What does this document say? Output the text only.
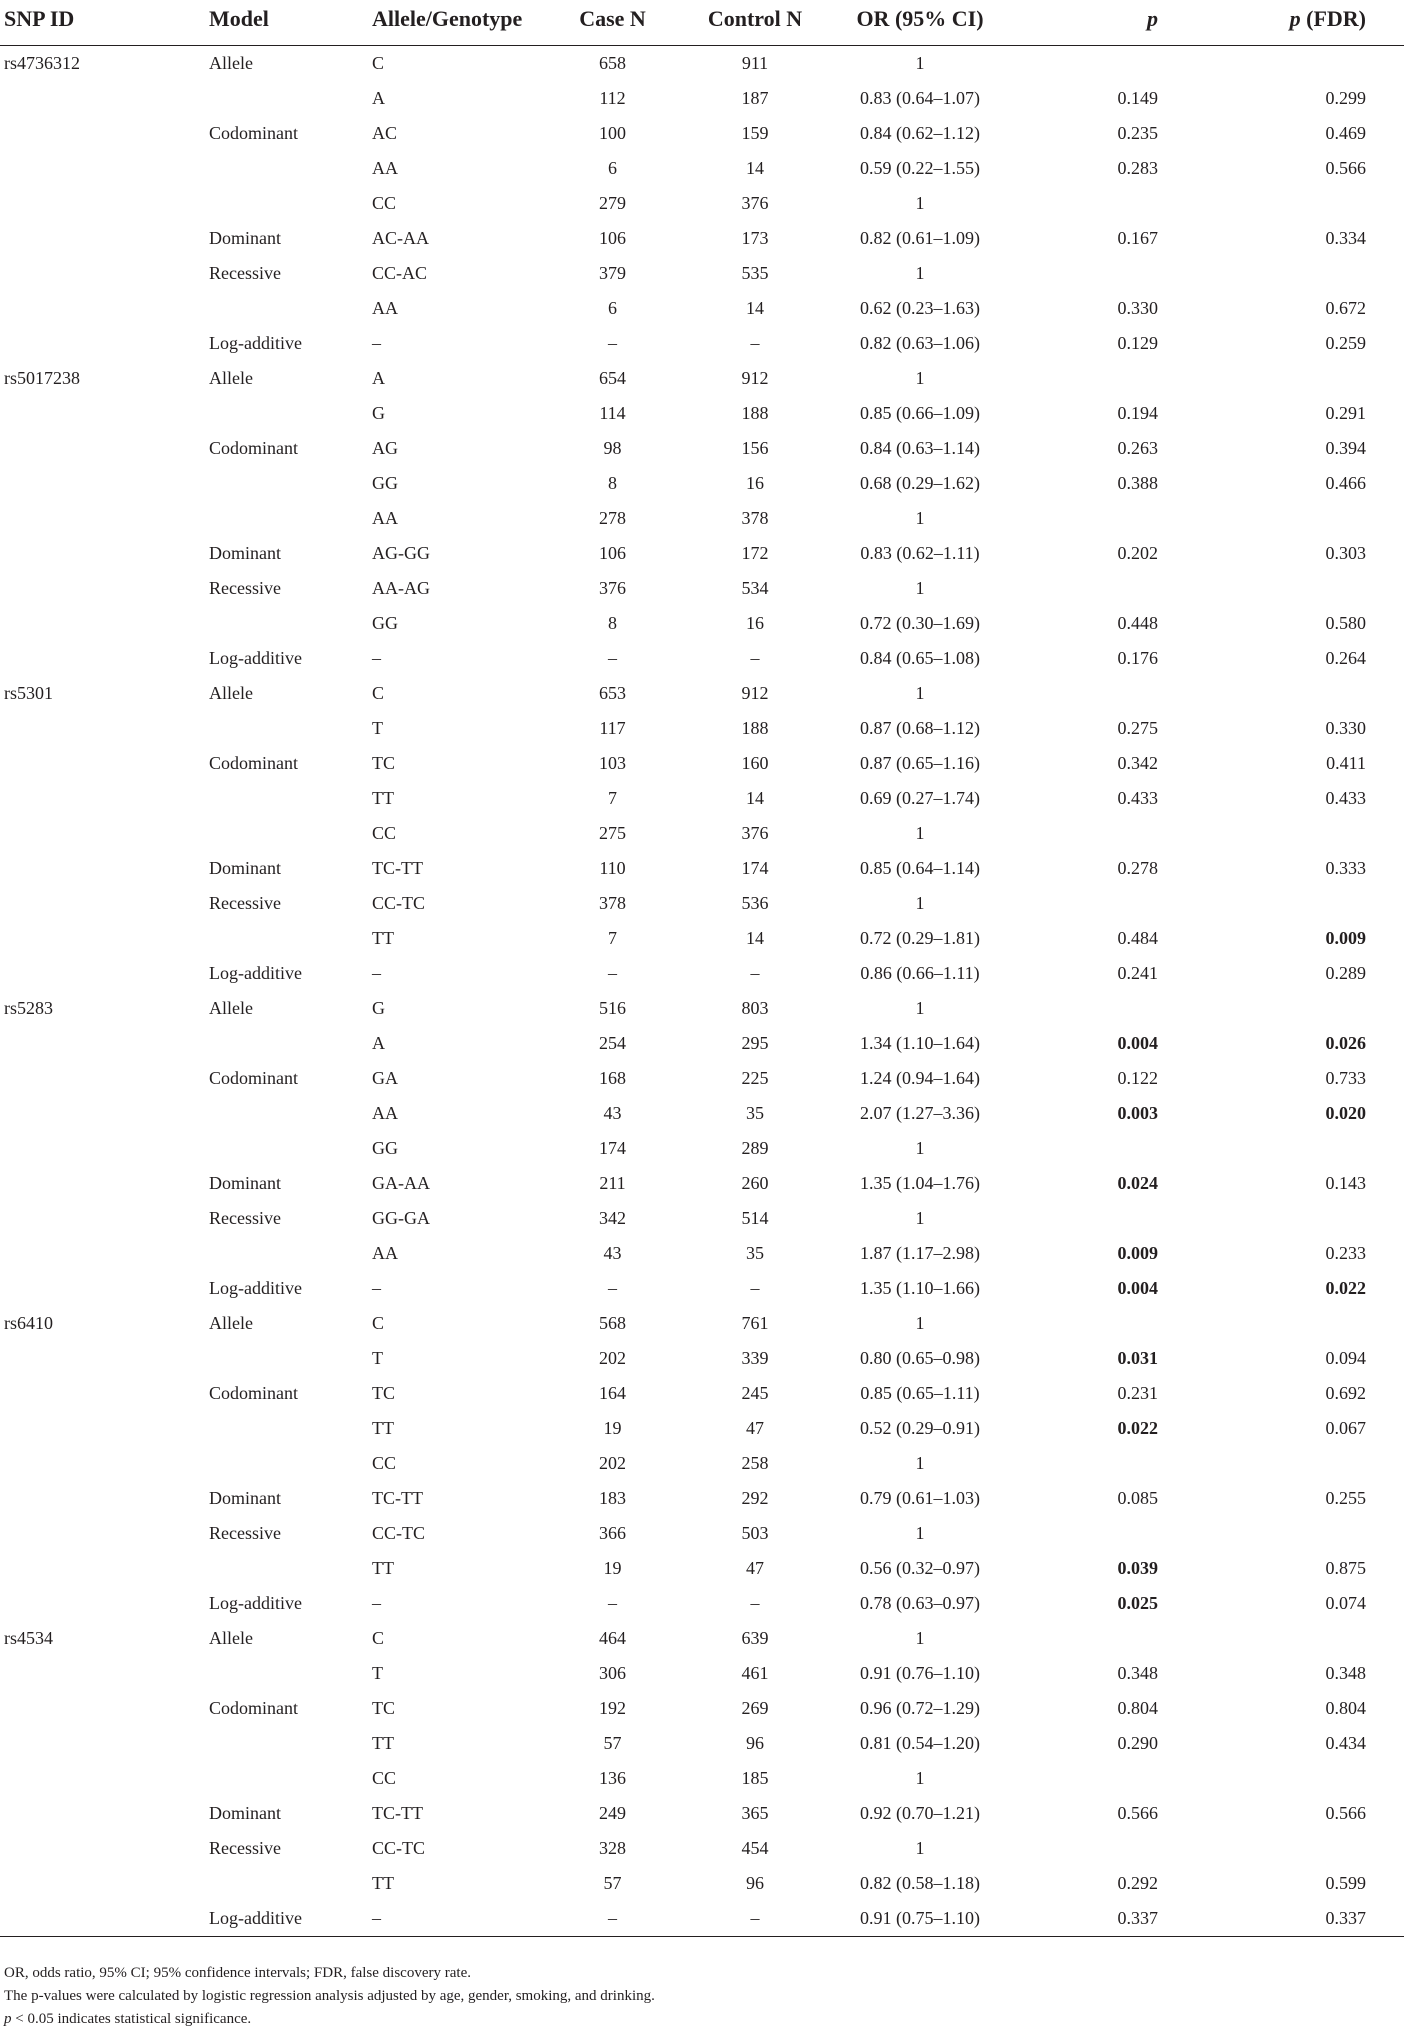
SNP ID	Model	Allele/Genotype	Case N	Control N	OR (95% CI)	p	p (FDR)
rs4736312	Allele	C	658	911	1		
		A	112	187	0.83 (0.64–1.07)	0.149	0.299
	Codominant	AC	100	159	0.84 (0.62–1.12)	0.235	0.469
		AA	6	14	0.59 (0.22–1.55)	0.283	0.566
		CC	279	376	1		
	Dominant	AC-AA	106	173	0.82 (0.61–1.09)	0.167	0.334
	Recessive	CC-AC	379	535	1		
		AA	6	14	0.62 (0.23–1.63)	0.330	0.672
	Log-additive	–	–	–	0.82 (0.63–1.06)	0.129	0.259
rs5017238	Allele	A	654	912	1		
		G	114	188	0.85 (0.66–1.09)	0.194	0.291
	Codominant	AG	98	156	0.84 (0.63–1.14)	0.263	0.394
		GG	8	16	0.68 (0.29–1.62)	0.388	0.466
		AA	278	378	1		
	Dominant	AG-GG	106	172	0.83 (0.62–1.11)	0.202	0.303
	Recessive	AA-AG	376	534	1		
		GG	8	16	0.72 (0.30–1.69)	0.448	0.580
	Log-additive	–	–	–	0.84 (0.65–1.08)	0.176	0.264
rs5301	Allele	C	653	912	1		
		T	117	188	0.87 (0.68–1.12)	0.275	0.330
	Codominant	TC	103	160	0.87 (0.65–1.16)	0.342	0.411
		TT	7	14	0.69 (0.27–1.74)	0.433	0.433
		CC	275	376	1		
	Dominant	TC-TT	110	174	0.85 (0.64–1.14)	0.278	0.333
	Recessive	CC-TC	378	536	1		
		TT	7	14	0.72 (0.29–1.81)	0.484	0.009
	Log-additive	–	–	–	0.86 (0.66–1.11)	0.241	0.289
rs5283	Allele	G	516	803	1		
		A	254	295	1.34 (1.10–1.64)	0.004	0.026
	Codominant	GA	168	225	1.24 (0.94–1.64)	0.122	0.733
		AA	43	35	2.07 (1.27–3.36)	0.003	0.020
		GG	174	289	1		
	Dominant	GA-AA	211	260	1.35 (1.04–1.76)	0.024	0.143
	Recessive	GG-GA	342	514	1		
		AA	43	35	1.87 (1.17–2.98)	0.009	0.233
	Log-additive	–	–	–	1.35 (1.10–1.66)	0.004	0.022
rs6410	Allele	C	568	761	1		
		T	202	339	0.80 (0.65–0.98)	0.031	0.094
	Codominant	TC	164	245	0.85 (0.65–1.11)	0.231	0.692
		TT	19	47	0.52 (0.29–0.91)	0.022	0.067
		CC	202	258	1		
	Dominant	TC-TT	183	292	0.79 (0.61–1.03)	0.085	0.255
	Recessive	CC-TC	366	503	1		
		TT	19	47	0.56 (0.32–0.97)	0.039	0.875
	Log-additive	–	–	–	0.78 (0.63–0.97)	0.025	0.074
rs4534	Allele	C	464	639	1		
		T	306	461	0.91 (0.76–1.10)	0.348	0.348
	Codominant	TC	192	269	0.96 (0.72–1.29)	0.804	0.804
		TT	57	96	0.81 (0.54–1.20)	0.290	0.434
		CC	136	185	1		
	Dominant	TC-TT	249	365	0.92 (0.70–1.21)	0.566	0.566
	Recessive	CC-TC	328	454	1		
		TT	57	96	0.82 (0.58–1.18)	0.292	0.599
	Log-additive	–	–	–	0.91 (0.75–1.10)	0.337	0.337
OR, odds ratio, 95% CI; 95% confidence intervals; FDR, false discovery rate.
The p-values were calculated by logistic regression analysis adjusted by age, gender, smoking, and drinking.
p < 0.05 indicates statistical significance.
